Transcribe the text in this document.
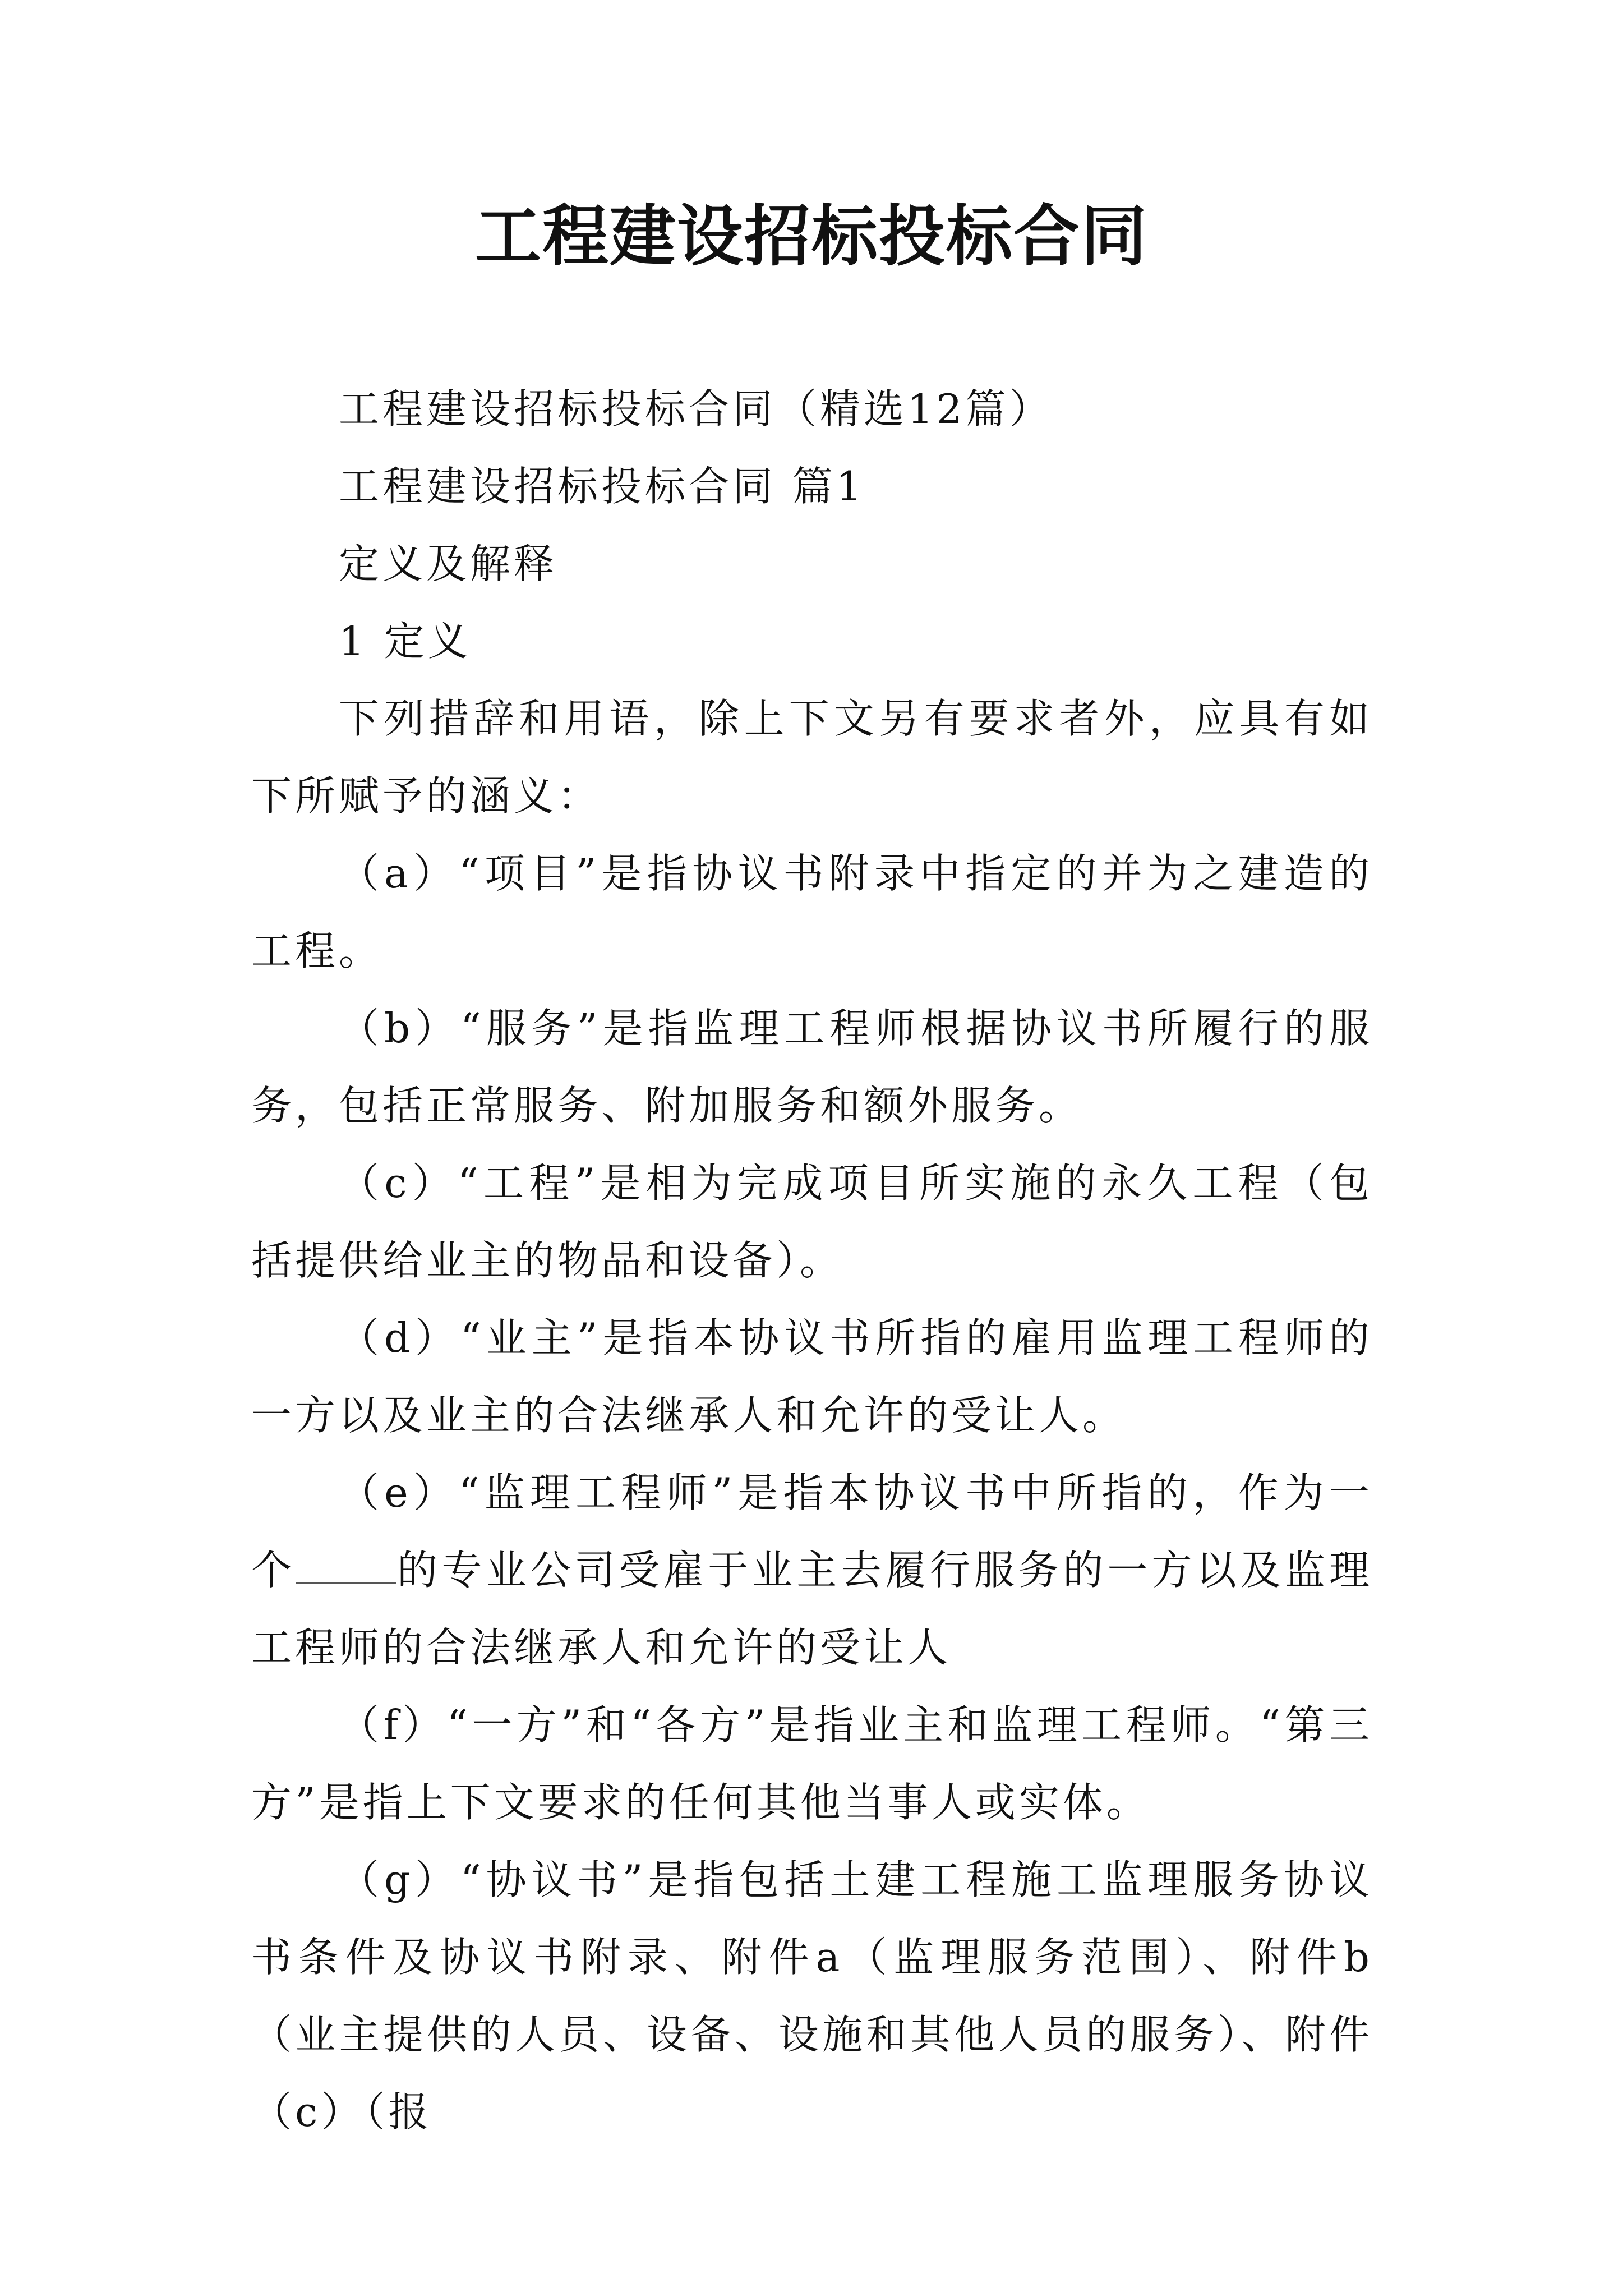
工程建设招标投标合同

工程建设招标投标合同（精选12篇）

工程建设招标投标合同 篇1

定义及解释

1 定义

下列措辞和用语，除上下文另有要求者外，应具有如下所赋予的涵义：

（a）“项目”是指协议书附录中指定的并为之建造的工程。

（b）“服务”是指监理工程师根据协议书所履行的服务，包括正常服务、附加服务和额外服务。

（c）“工程”是相为完成项目所实施的永久工程（包括提供给业主的物品和设备）。

（d）“业主”是指本协议书所指的雇用监理工程师的一方以及业主的合法继承人和允许的受让人。

（e）“监理工程师”是指本协议书中所指的，作为一个	的专业公司受雇于业主去履行服务的一方以及监理工程师的合法继承人和允许的受让人

（f）“一方”和“各方”是指业主和监理工程师。“第三方”是指上下文要求的任何其他当事人或实体。

（g）“协议书”是指包括土建工程施工监理服务协议书条件及协议书附录、附件a（监理服务范围）、附件b（业主提供的人员、设备、设施和其他人员的服务）、附件（c）（报
